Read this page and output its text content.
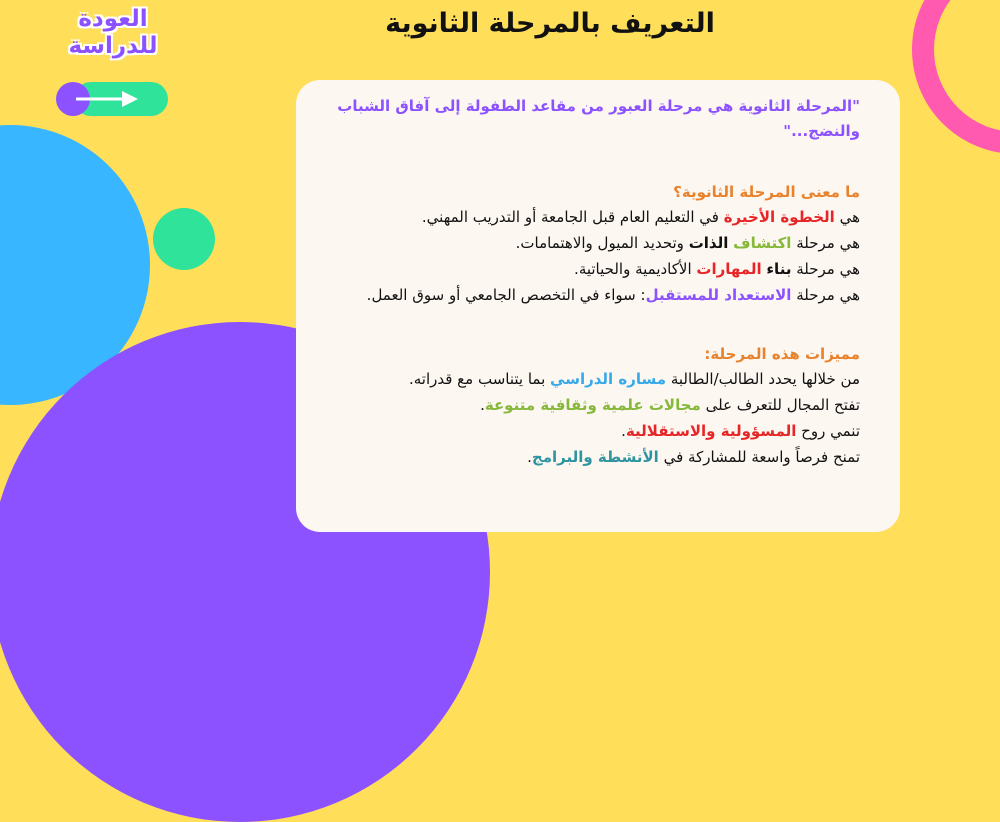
العودة
للدراسة
التعريف بالمرحلة الثانوية

"المرحلة الثانوية هي مرحلة العبور من مقاعد الطفولة إلى آفاق الشباب والنضج..."

ما معنى المرحلة الثانوية؟

هي الخطوة الأخيرة في التعليم العام قبل الجامعة أو التدريب المهني.

هي مرحلة اكتشاف الذات وتحديد الميول والاهتمامات.

هي مرحلة بناء المهارات الأكاديمية والحياتية.

هي مرحلة الاستعداد للمستقبل: سواء في التخصص الجامعي أو سوق العمل.

مميزات هذه المرحلة:

من خلالها يحدد الطالب/الطالبة مساره الدراسي بما يتناسب مع قدراته.

تفتح المجال للتعرف على مجالات علمية وثقافية متنوعة.

تنمي روح المسؤولية والاستقلالية.

تمنح فرصاً واسعة للمشاركة في الأنشطة والبرامج.
